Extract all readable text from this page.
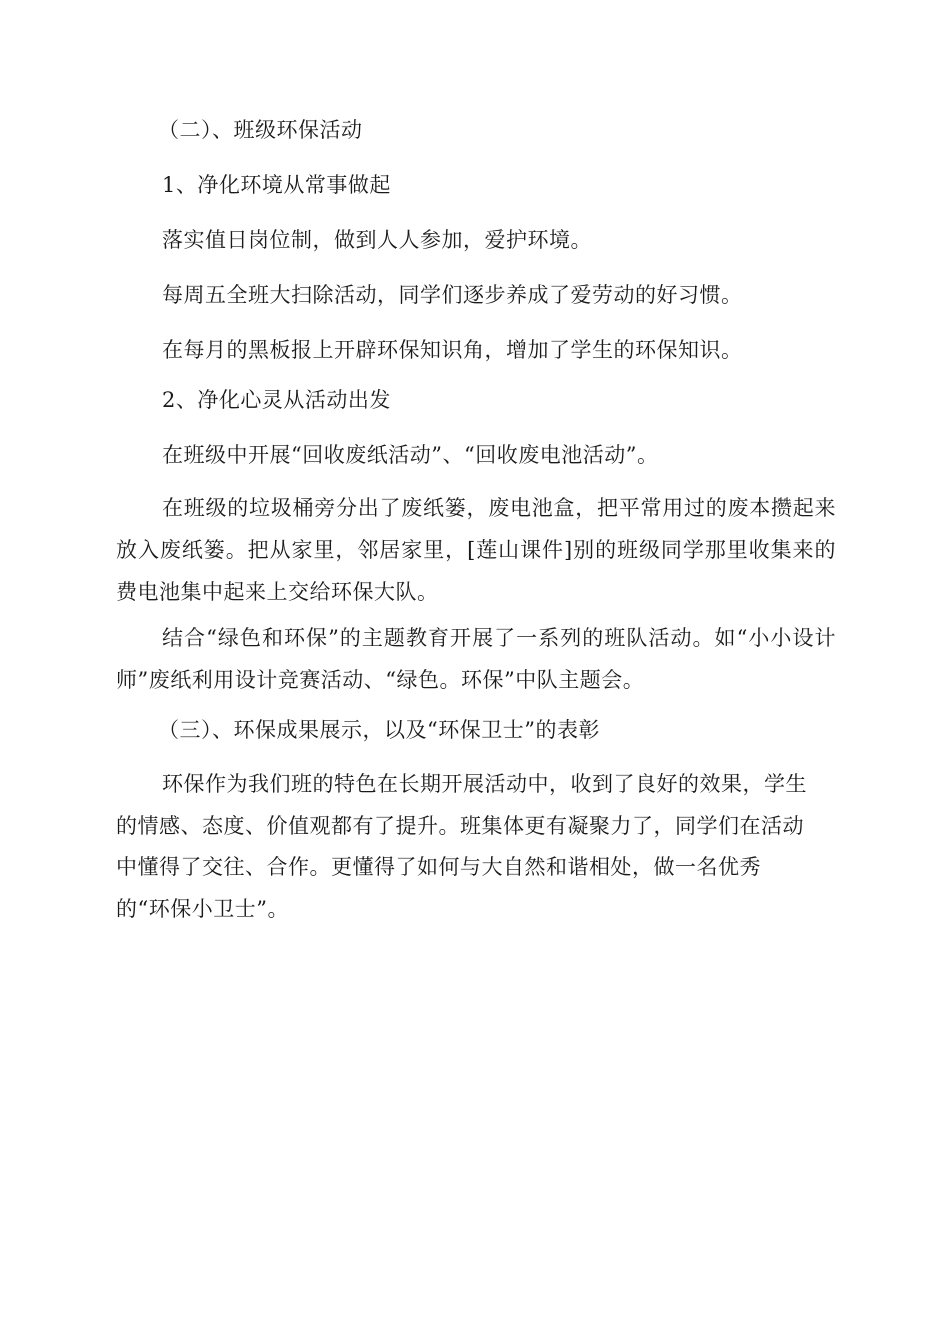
（二）、班级环保活动
1、净化环境从常事做起
落实值日岗位制，做到人人参加，爱护环境。
每周五全班大扫除活动，同学们逐步养成了爱劳动的好习惯。
在每月的黑板报上开辟环保知识角，增加了学生的环保知识。
2、净化心灵从活动出发
在班级中开展“回收废纸活动”、“回收废电池活动”。
在班级的垃圾桶旁分出了废纸篓，废电池盒，把平常用过的废本攒起来放入废纸篓。把从家里，邻居家里，[莲山课件]别的班级同学那里收集来的费电池集中起来上交给环保大队。
结合“绿色和环保”的主题教育开展了一系列的班队活动。如“小小设计师”废纸利用设计竞赛活动、“绿色。环保”中队主题会。
（三）、环保成果展示，以及“环保卫士”的表彰
环保作为我们班的特色在长期开展活动中，收到了良好的效果，学生
的情感、态度、价值观都有了提升。班集体更有凝聚力了，同学们在活动
中懂得了交往、合作。更懂得了如何与大自然和谐相处，做一名优秀
的“环保小卫士”。
